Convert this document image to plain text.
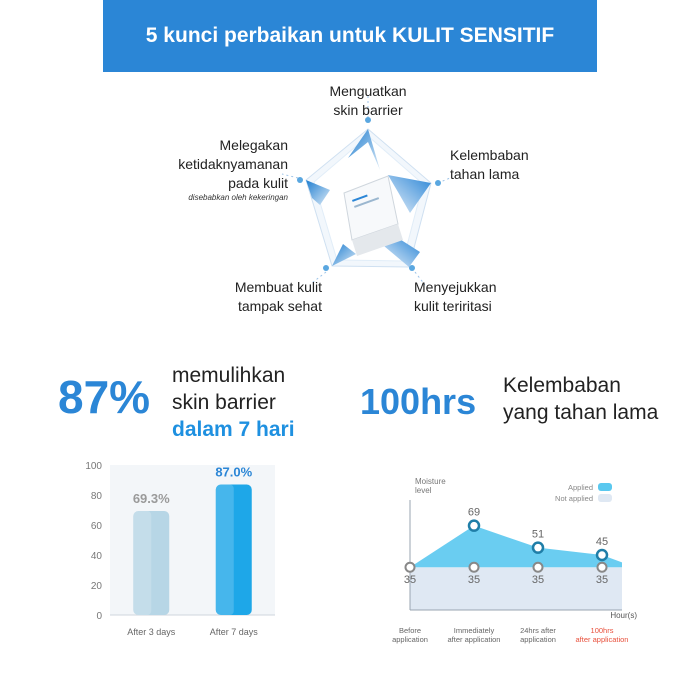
5 kunci perbaikan untuk KULIT SENSITIF
Menguatkan
skin barrier
Kelembaban
tahan lama
Menyejukkan
kulit teriritasi
Membuat kulit
tampak sehat
Melegakan
ketidaknyamanan
pada kulit
disebabkan oleh kekeringan
87% memulihkan
skin barrier
dalam 7 hari
100hrs Kelembaban
yang tahan lama
0
20
40
60
80
100
69.3%
After 3 days
87.0%
After 7 days
Moisture level
Hour(s)
35
Before application
35
69
Immediately after application
35
51
24hrs after application
35
45
100hrs after application
Applied
Not applied
